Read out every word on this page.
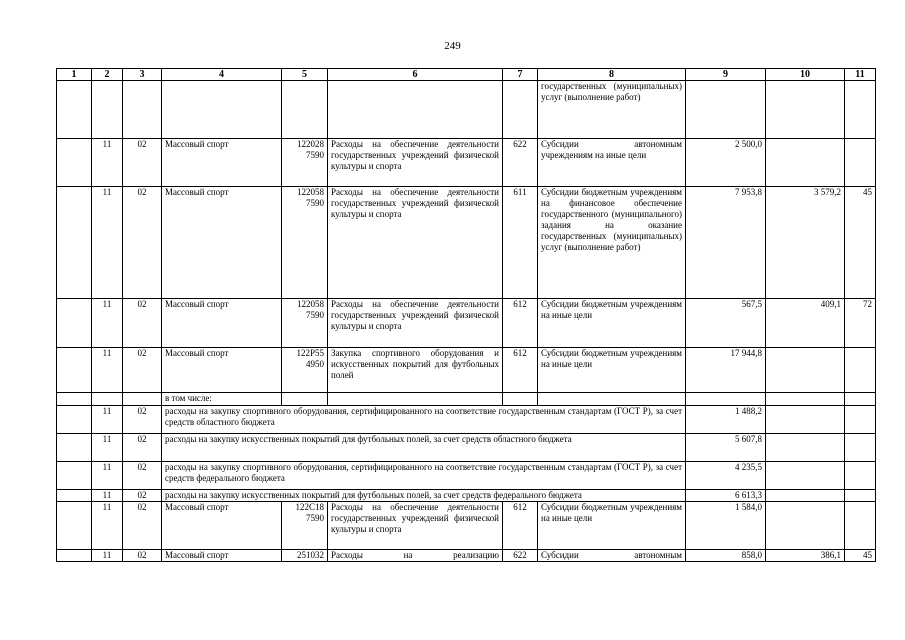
249
1	2	3	4	5	6	7	8	9	10	11
							государственных (муниципальных) услуг (выполнение работ)			
	11	02	Массовый спорт	122028 7590	Расходы на обеспечение деятельности государственных учреждений физической культуры и спорта	622	Субсидии автономным учреждениям на иные цели	2 500,0		
	11	02	Массовый спорт	122058 7590	Расходы на обеспечение деятельности государственных учреждений физической культуры и спорта	611	Субсидии бюджетным учреждениям на финансовое обеспечение государственного (муниципального) задания на оказание государственных (муниципальных) услуг (выполнение работ)	7 953,8	3 579,2	45
	11	02	Массовый спорт	122058 7590	Расходы на обеспечение деятельности государственных учреждений физической культуры и спорта	612	Субсидии бюджетным учреждениям на иные цели	567,5	409,1	72
	11	02	Массовый спорт	122P55 4950	Закупка спортивного оборудования и искусственных покрытий для футбольных полей	612	Субсидии бюджетным учреждениям на иные цели	17 944,8		
			в том числе:							
	11	02	расходы на закупку спортивного оборудования, сертифицированного на соответствие государственным стандартам (ГОСТ Р), за счет средств областного бюджета					1 488,2		
	11	02	расходы на закупку искусственных покрытий для футбольных полей, за счет средств областного бюджета					5 607,8		
	11	02	расходы на закупку спортивного оборудования, сертифицированного на соответствие государственным стандартам (ГОСТ Р), за счет средств федерального бюджета					4 235,5		
	11	02	расходы на закупку искусственных покрытий для футбольных полей, за счет средств федерального бюджета					6 613,3		
	11	02	Массовый спорт	122C18 7590	Расходы на обеспечение деятельности государственных учреждений физической культуры и спорта	612	Субсидии бюджетным учреждениям на иные цели	1 584,0		
	11	02	Массовый спорт	251032	Расходы на реализацию	622	Субсидии автономным	858,0	386,1	45
